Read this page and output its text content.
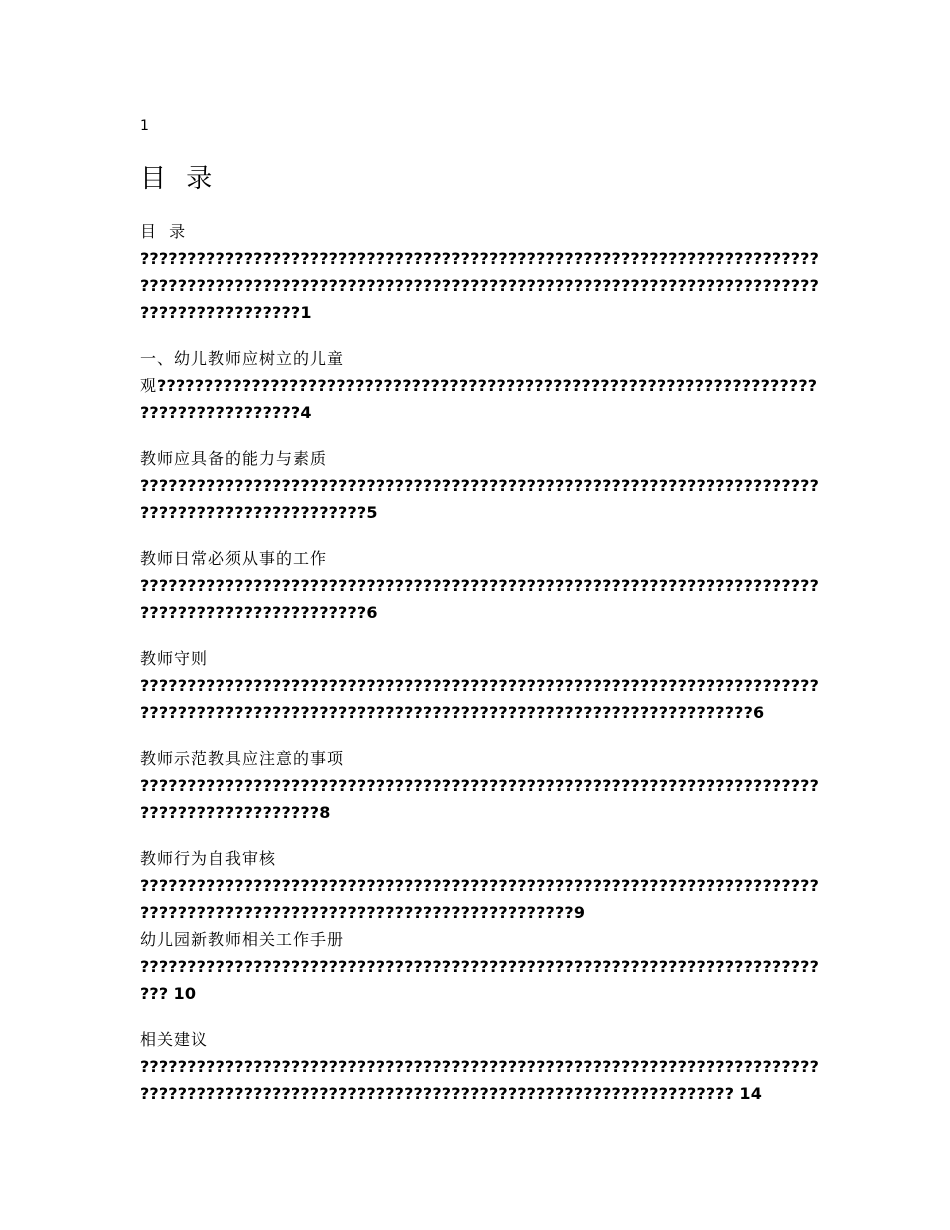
1
目 录
目 录
?????????????????????????????????????????????????????????????????????????????????????????????????????????????????????????????????????????????????????????????????1
一、幼儿教师应树立的儿童观???????????????????????????????????????????????????????????????????????????????????????4
教师应具备的能力与素质
????????????????????????????????????????????????????????????????????????????????????????????????5
教师日常必须从事的工作
????????????????????????????????????????????????????????????????????????????????????????????????6
教师守则
?????????????????????????????????????????????????????????????????????????????????????????????????????????????????????????????????????????6
教师示范教具应注意的事项
???????????????????????????????????????????????????????????????????????????????????????????8
教师行为自我审核
??????????????????????????????????????????????????????????????????????????????????????????????????????????????????????9
幼儿园新教师相关工作手册
??????????????????????????????????????????????????????????????????????????? 10
相关建议
??????????????????????????????????????????????????????????????????????????????????????????????????????????????????????????????????????? 14
